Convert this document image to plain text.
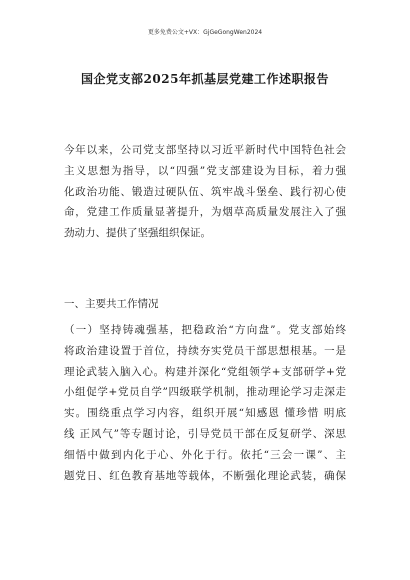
更多免费公文+VX：GjGeGongWen2024
国企党支部2025年抓基层党建工作述职报告
今年以来，公司党支部坚持以习近平新时代中国特色社会
主义思想为指导，以“四强”党支部建设为目标，着力强
化政治功能、锻造过硬队伍、筑牢战斗堡垒、践行初心使
命，党建工作质量显著提升，为烟草高质量发展注入了强
劲动力、提供了坚强组织保证。
一、主要共工作情况
（一）坚持铸魂强基，把稳政治“方向盘”。党支部始终
将政治建设置于首位，持续夯实党员干部思想根基。一是
理论武装入脑入心。构建并深化“党组领学+支部研学+党
小组促学+党员自学”四级联学机制，推动理论学习走深走
实。围绕重点学习内容，组织开展“知感恩 懂珍惜 明底
线 正风气”等专题讨论，引导党员干部在反复研学、深思
细悟中做到内化于心、外化于行。依托“三会一课”、主
题党日、红色教育基地等载体，不断强化理论武装，确保
